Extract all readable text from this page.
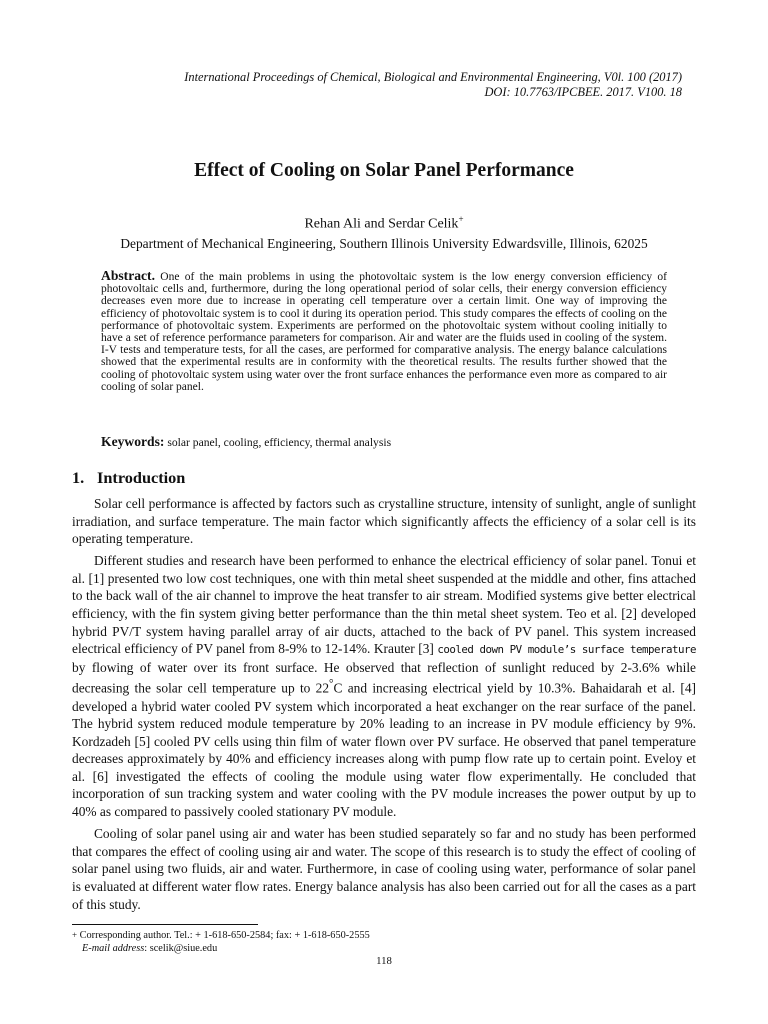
International Proceedings of Chemical, Biological and Environmental Engineering, V0l. 100 (2017)
DOI: 10.7763/IPCBEE. 2017. V100. 18
Effect of Cooling on Solar Panel Performance
Rehan Ali and Serdar Celik+
Department of Mechanical Engineering, Southern Illinois University Edwardsville, Illinois, 62025
Abstract. One of the main problems in using the photovoltaic system is the low energy conversion efficiency of photovoltaic cells and, furthermore, during the long operational period of solar cells, their energy conversion efficiency decreases even more due to increase in operating cell temperature over a certain limit. One way of improving the efficiency of photovoltaic system is to cool it during its operation period. This study compares the effects of cooling on the performance of photovoltaic system. Experiments are performed on the photovoltaic system without cooling initially to have a set of reference performance parameters for comparison. Air and water are the fluids used in cooling of the system. I-V tests and temperature tests, for all the cases, are performed for comparative analysis. The energy balance calculations showed that the experimental results are in conformity with the theoretical results. The results further showed that the cooling of photovoltaic system using water over the front surface enhances the performance even more as compared to air cooling of solar panel.
Keywords: solar panel, cooling, efficiency, thermal analysis
1. Introduction

Solar cell performance is affected by factors such as crystalline structure, intensity of sunlight, angle of sunlight irradiation, and surface temperature. The main factor which significantly affects the efficiency of a solar cell is its operating temperature.

Different studies and research have been performed to enhance the electrical efficiency of solar panel. Tonui et al. [1] presented two low cost techniques, one with thin metal sheet suspended at the middle and other, fins attached to the back wall of the air channel to improve the heat transfer to air stream. Modified systems give better electrical efficiency, with the fin system giving better performance than the thin metal sheet system. Teo et al. [2] developed hybrid PV/T system having parallel array of air ducts, attached to the back of PV panel. This system increased electrical efficiency of PV panel from 8-9% to 12-14%. Krauter [3] cooled down PV module’s surface temperature by flowing of water over its front surface. He observed that reflection of sunlight reduced by 2-3.6% while decreasing the solar cell temperature up to 22°C and increasing electrical yield by 10.3%. Bahaidarah et al. [4] developed a hybrid water cooled PV system which incorporated a heat exchanger on the rear surface of the panel. The hybrid system reduced module temperature by 20% leading to an increase in PV module efficiency by 9%. Kordzadeh [5] cooled PV cells using thin film of water flown over PV surface. He observed that panel temperature decreases approximately by 40% and efficiency increases along with pump flow rate up to certain point. Eveloy et al. [6] investigated the effects of cooling the module using water flow experimentally. He concluded that incorporation of sun tracking system and water cooling with the PV module increases the power output by up to 40% as compared to passively cooled stationary PV module.

Cooling of solar panel using air and water has been studied separately so far and no study has been performed that compares the effect of cooling using air and water. The scope of this research is to study the effect of cooling of solar panel using two fluids, air and water. Furthermore, in case of cooling using water, performance of solar panel is evaluated at different water flow rates. Energy balance analysis has also been carried out for all the cases as a part of this study.

+ Corresponding author. Tel.: + 1-618-650-2584; fax: + 1-618-650-2555
E-mail address: scelik@siue.edu
118
